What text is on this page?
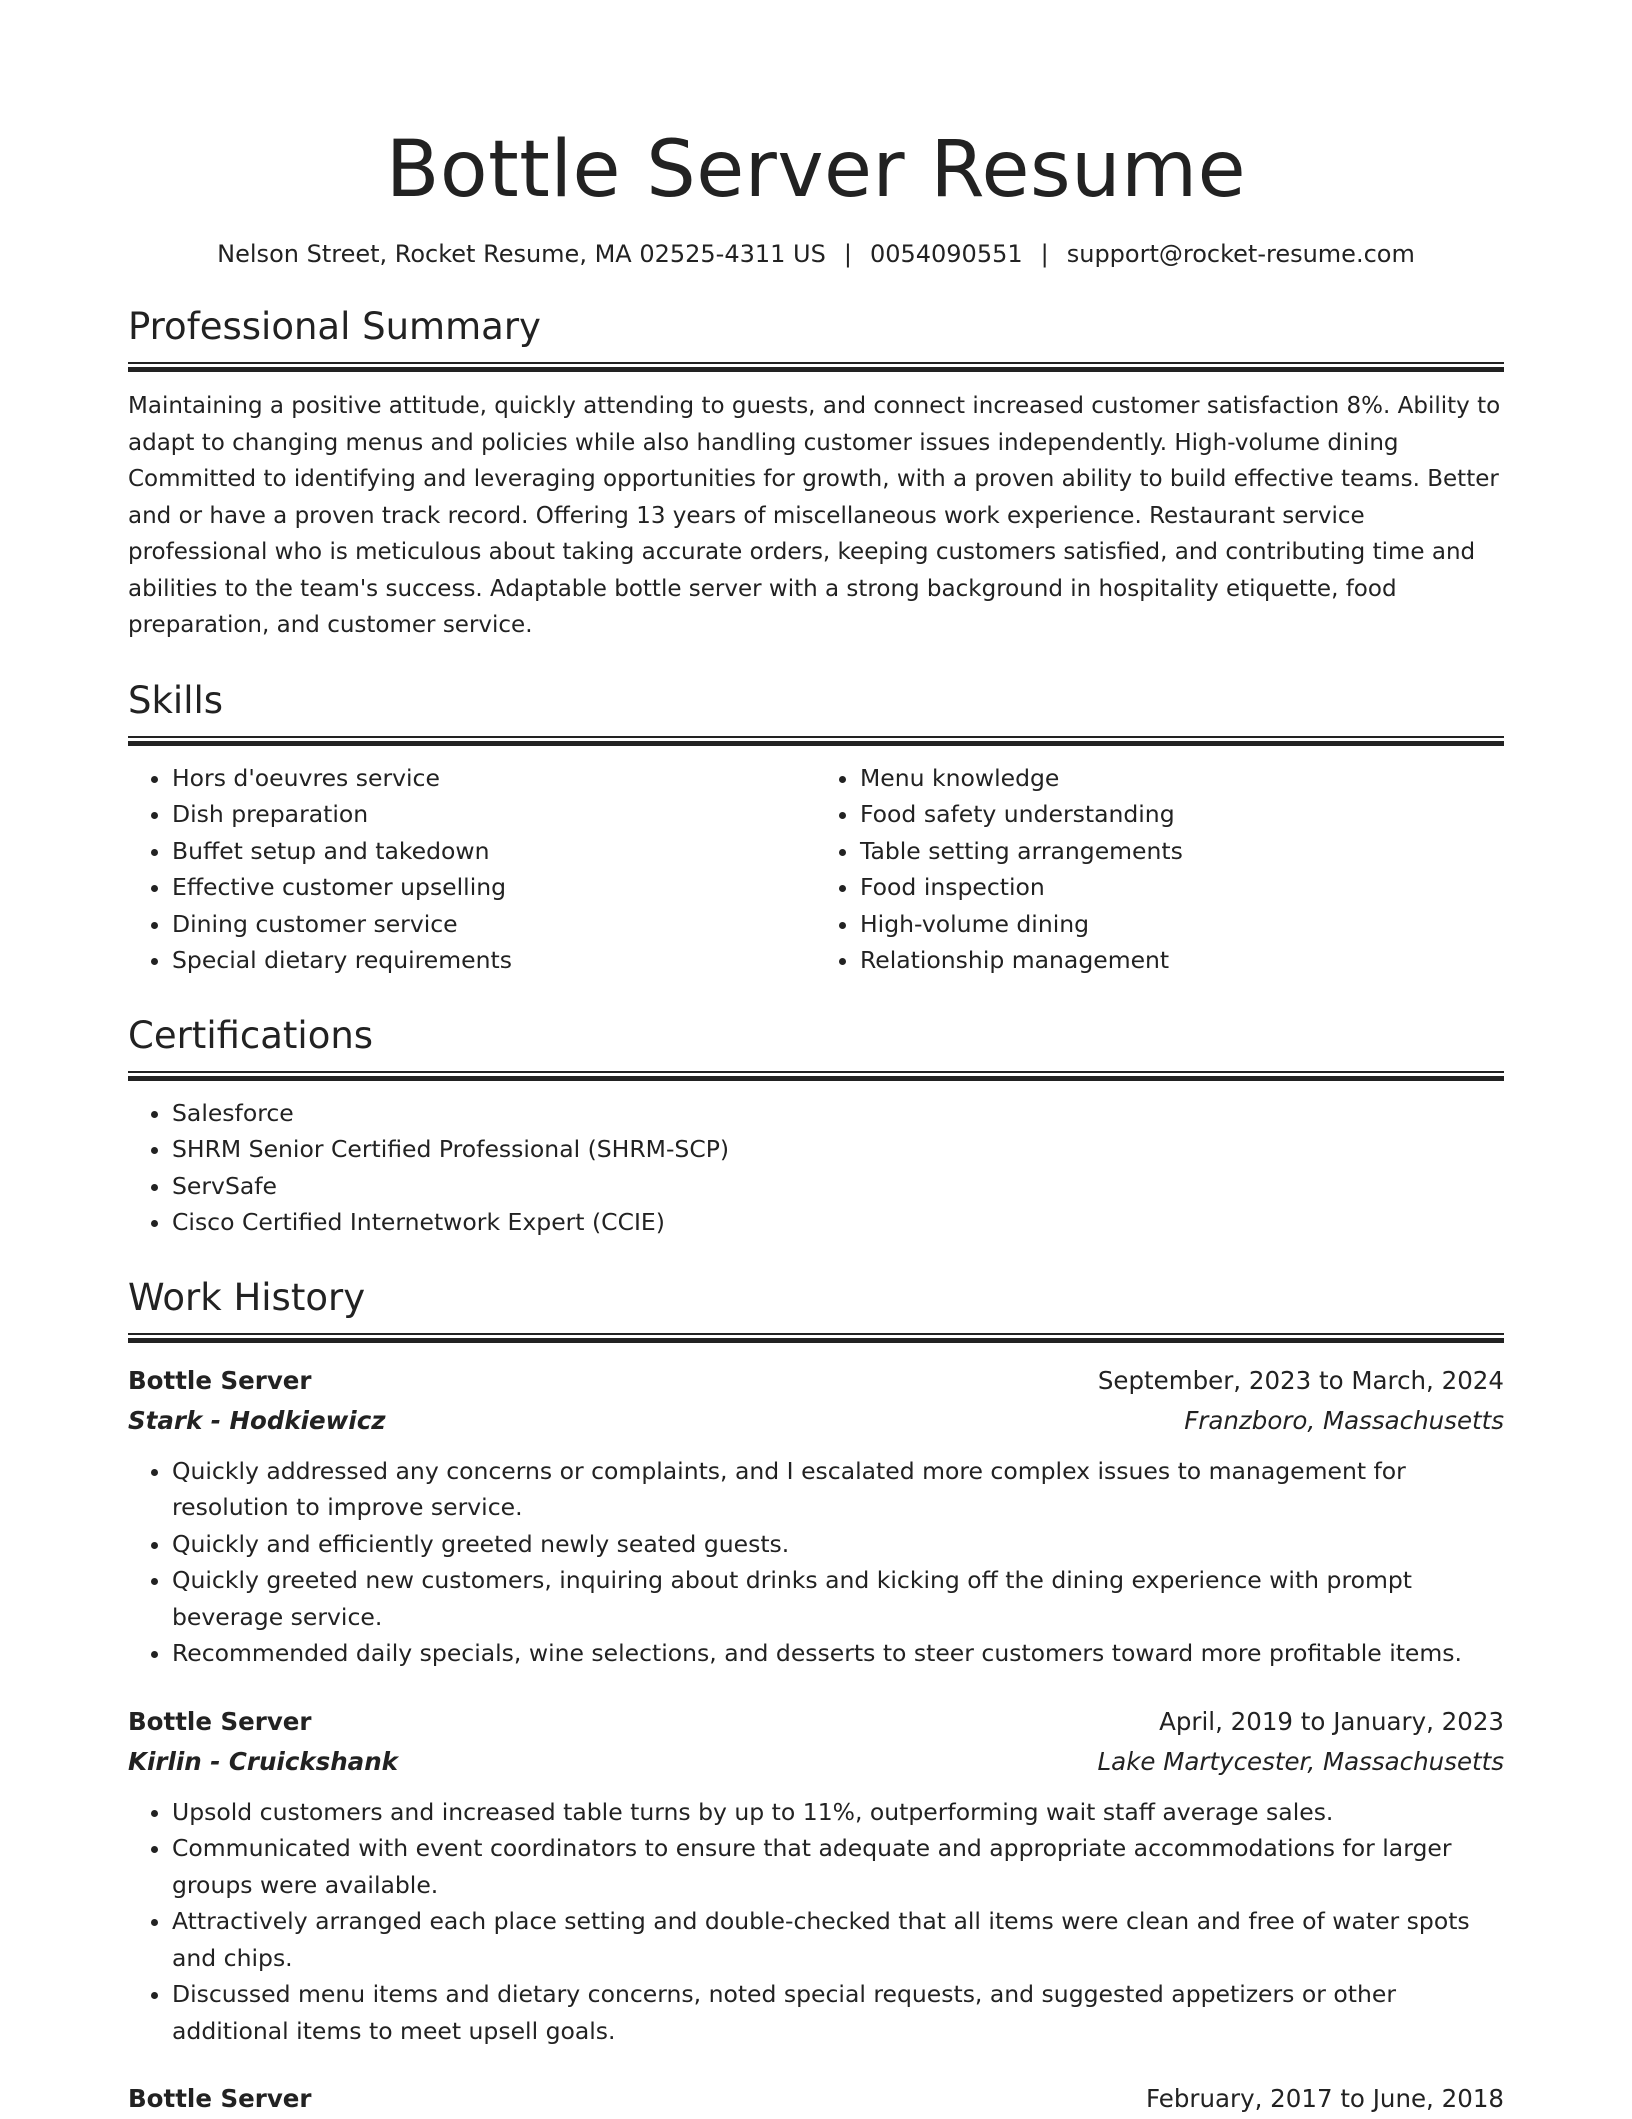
Bottle Server Resume
Nelson Street, Rocket Resume, MA 02525-4311 US | 0054090551 | support@rocket-resume.com
Professional Summary
Maintaining a positive attitude, quickly attending to guests, and connect increased customer satisfaction 8%. Ability to adapt to changing menus and policies while also handling customer issues independently. High-volume dining Committed to identifying and leveraging opportunities for growth, with a proven ability to build effective teams. Better and or have a proven track record. Offering 13 years of miscellaneous work experience. Restaurant service professional who is meticulous about taking accurate orders, keeping customers satisfied, and contributing time and abilities to the team's success. Adaptable bottle server with a strong background in hospitality etiquette, food preparation, and customer service.
Skills
• Hors d'oeuvres service
• Dish preparation
• Buffet setup and takedown
• Effective customer upselling
• Dining customer service
• Special dietary requirements
• Menu knowledge
• Food safety understanding
• Table setting arrangements
• Food inspection
• High-volume dining
• Relationship management
Certifications
• Salesforce
• SHRM Senior Certified Professional (SHRM-SCP)
• ServSafe
• Cisco Certified Internetwork Expert (CCIE)
Work History
Bottle Server	September, 2023 to March, 2024
Stark - Hodkiewicz	Franzboro, Massachusetts
• Quickly addressed any concerns or complaints, and I escalated more complex issues to management for resolution to improve service.
• Quickly and efficiently greeted newly seated guests.
• Quickly greeted new customers, inquiring about drinks and kicking off the dining experience with prompt beverage service.
• Recommended daily specials, wine selections, and desserts to steer customers toward more profitable items.
Bottle Server	April, 2019 to January, 2023
Kirlin - Cruickshank	Lake Martycester, Massachusetts
• Upsold customers and increased table turns by up to 11%, outperforming wait staff average sales.
• Communicated with event coordinators to ensure that adequate and appropriate accommodations for larger groups were available.
• Attractively arranged each place setting and double-checked that all items were clean and free of water spots and chips.
• Discussed menu items and dietary concerns, noted special requests, and suggested appetizers or other additional items to meet upsell goals.
Bottle Server	February, 2017 to June, 2018
